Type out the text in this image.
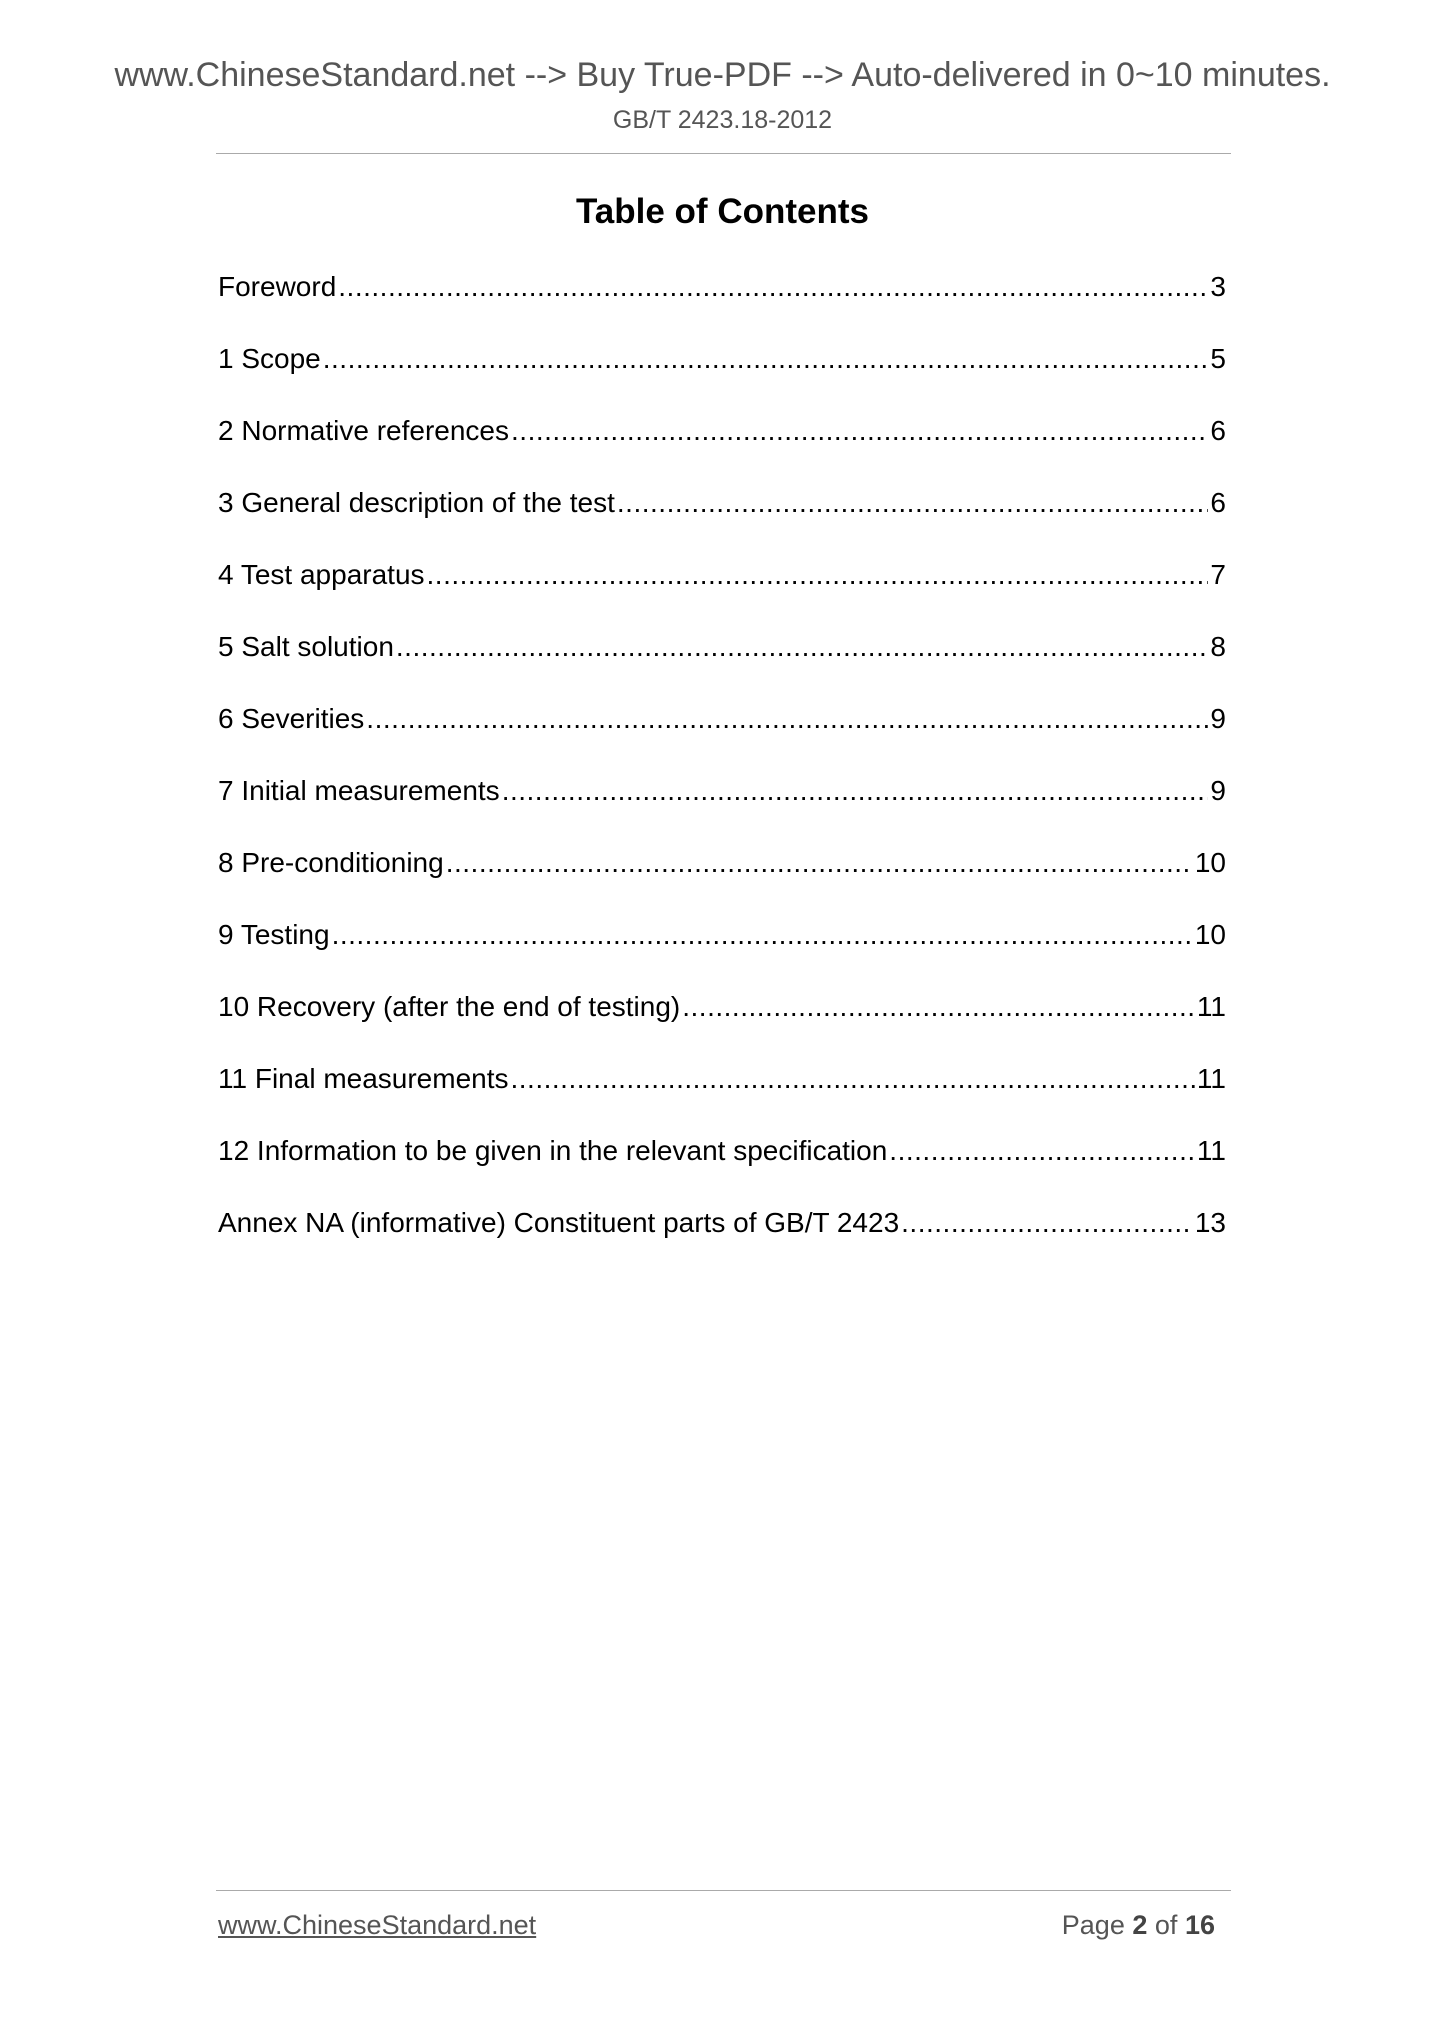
www.ChineseStandard.net --> Buy True-PDF --> Auto-delivered in 0~10 minutes.
GB/T 2423.18-2012
Table of Contents
Foreword .....	3
1 Scope .....	5
2 Normative references .....	6
3 General description of the test .....	6
4 Test apparatus .....	7
5 Salt solution .....	8
6 Severities .....	9
7 Initial measurements .....	9
8 Pre-conditioning .....	10
9 Testing .....	10
10 Recovery (after the end of testing) .....	11
11 Final measurements .....	11
12 Information to be given in the relevant specification .....	11
Annex NA (informative) Constituent parts of GB/T 2423 .....	13
www.ChineseStandard.net	Page 2 of 16
